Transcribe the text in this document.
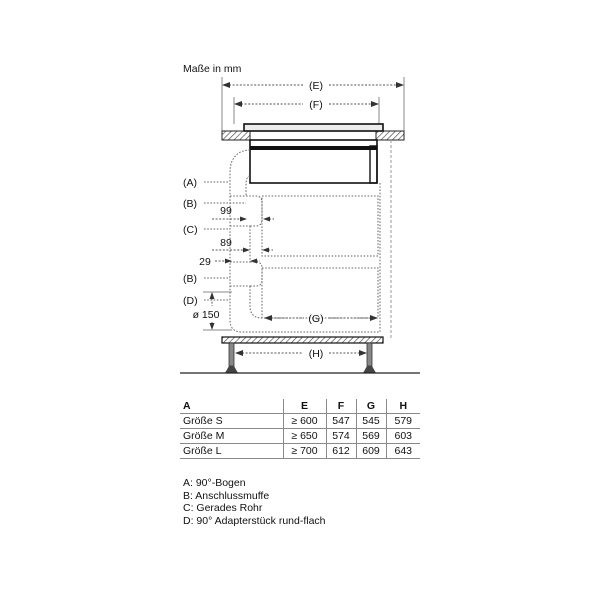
Maße in mm
(E)
(F)
(A)
(B)
99
(C)
89
29
(B)
(D)
ø 150	(G)
(H)
A	E	F	G	H
Größe S	≥ 600	547	545	579
Größe M	≥ 650	574	569	603
Größe L	≥ 700	612	609	643
A: 90°-Bogen
B: Anschlussmuffe
C: Gerades Rohr
D: 90° Adapterstück rund-flach
